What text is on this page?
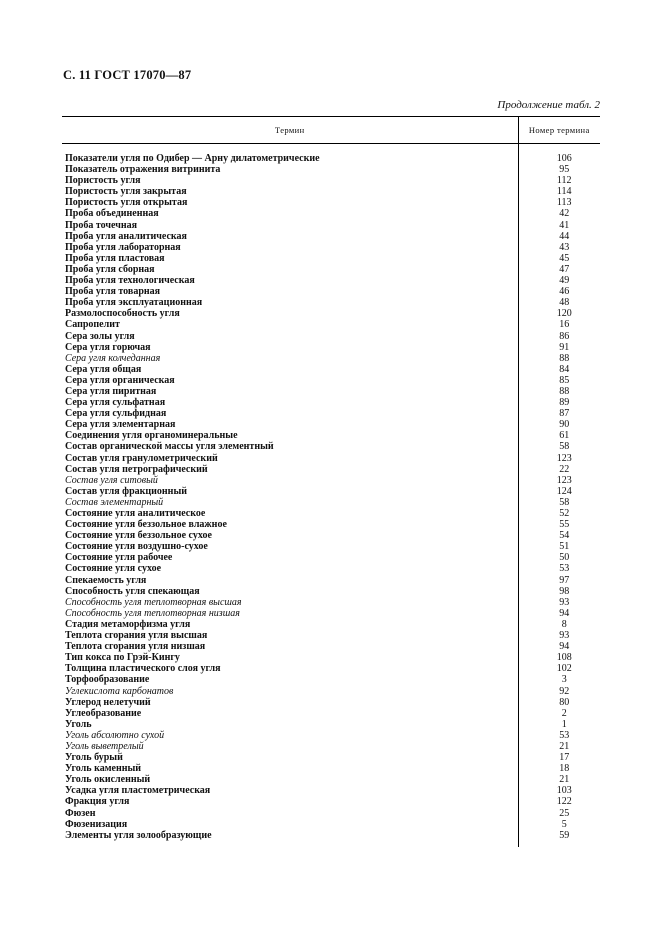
С. 11 ГОСТ 17070—87
Продолжение табл. 2
Термин	Номер термина

Показатели угля по Одибер — Арну дилатометрические	106
Показатель отражения витринита	95
Пористость угля	112
Пористость угля закрытая	114
Пористость угля открытая	113
Проба объединенная	42
Проба точечная	41
Проба угля аналитическая	44
Проба угля лабораторная	43
Проба угля пластовая	45
Проба угля сборная	47
Проба угля технологическая	49
Проба угля товарная	46
Проба угля эксплуатационная	48
Размолоспособность угля	120
Сапропелит	16
Сера золы угля	86
Сера угля горючая	91
Сера угля колчеданная	88
Сера угля общая	84
Сера угля органическая	85
Сера угля пиритная	88
Сера угля сульфатная	89
Сера угля сульфидная	87
Сера угля элементарная	90
Соединения угля органоминеральные	61
Состав органической массы угля элементный	58
Состав угля гранулометрический	123
Состав угля петрографический	22
Состав угля ситовый	123
Состав угля фракционный	124
Состав элементарный	58
Состояние угля аналитическое	52
Состояние угля беззольное влажное	55
Состояние угля беззольное сухое	54
Состояние угля воздушно-сухое	51
Состояние угля рабочее	50
Состояние угля сухое	53
Спекаемость угля	97
Способность угля спекающая	98
Способность угля теплотворная высшая	93
Способность угля теплотворная низшая	94
Стадия метаморфизма угля	8
Теплота сгорания угля высшая	93
Теплота сгорания угля низшая	94
Тип кокса по Грэй-Кингу	108
Толщина пластического слоя угля	102
Торфообразование	3
Углекислота карбонатов	92
Углерод нелетучий	80
Углеобразование	2
Уголь	1
Уголь абсолютно сухой	53
Уголь выветрелый	21
Уголь бурый	17
Уголь каменный	18
Уголь окисленный	21
Усадка угля пластометрическая	103
Фракция угля	122
Фюзен	25
Фюзенизация	5
Элементы угля золообразующие	59
